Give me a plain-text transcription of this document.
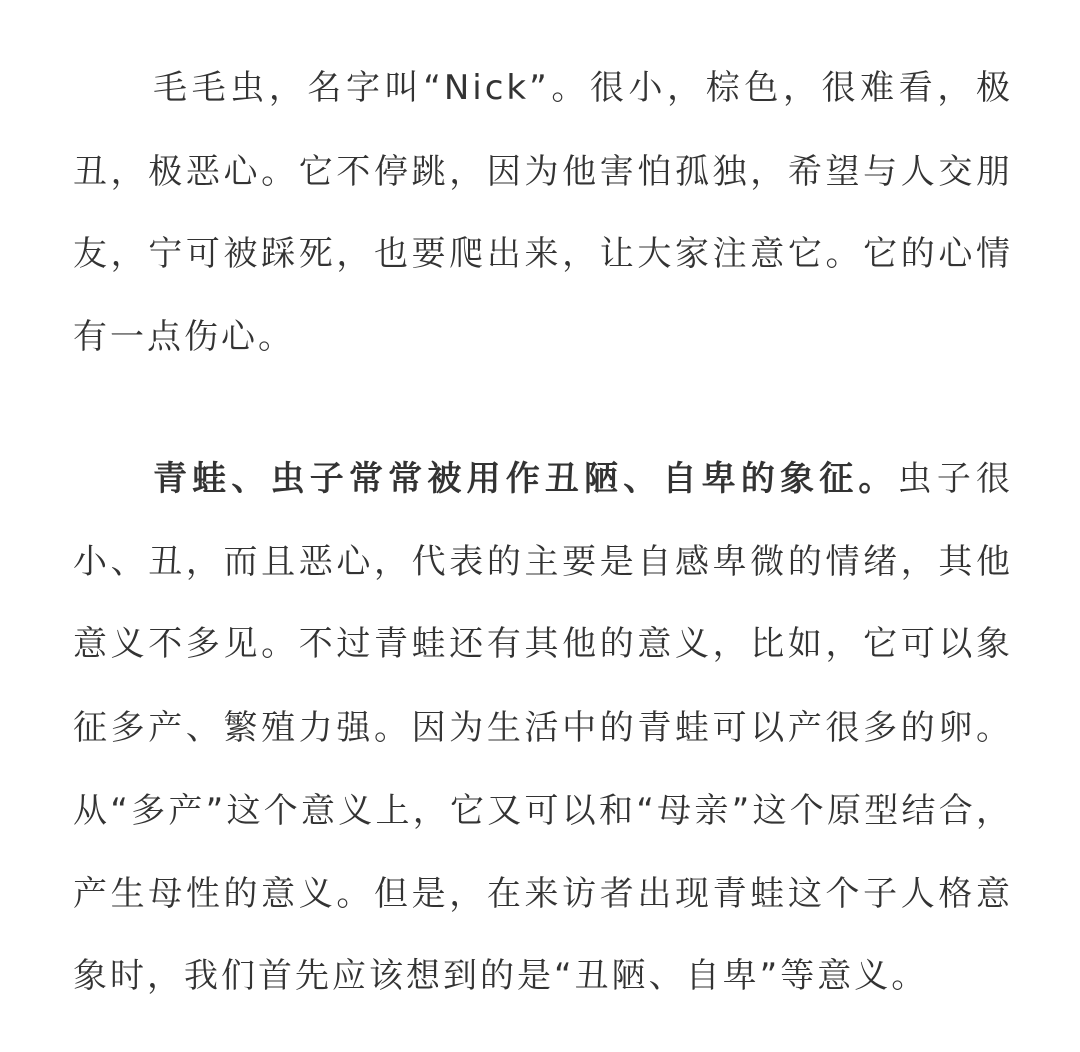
毛毛虫，名字叫“Nick”。很小，棕色，很难看，极
丑，极恶心。它不停跳，因为他害怕孤独，希望与人交朋
友，宁可被踩死，也要爬出来，让大家注意它。它的心情
有一点伤心。
青蛙、虫子常常被用作丑陋、自卑的象征。虫子很
小、丑，而且恶心，代表的主要是自感卑微的情绪，其他
意义不多见。不过青蛙还有其他的意义，比如，它可以象
征多产、繁殖力强。因为生活中的青蛙可以产很多的卵。
从“多产”这个意义上，它又可以和“母亲”这个原型结合，
产生母性的意义。但是，在来访者出现青蛙这个子人格意
象时，我们首先应该想到的是“丑陋、自卑”等意义。
